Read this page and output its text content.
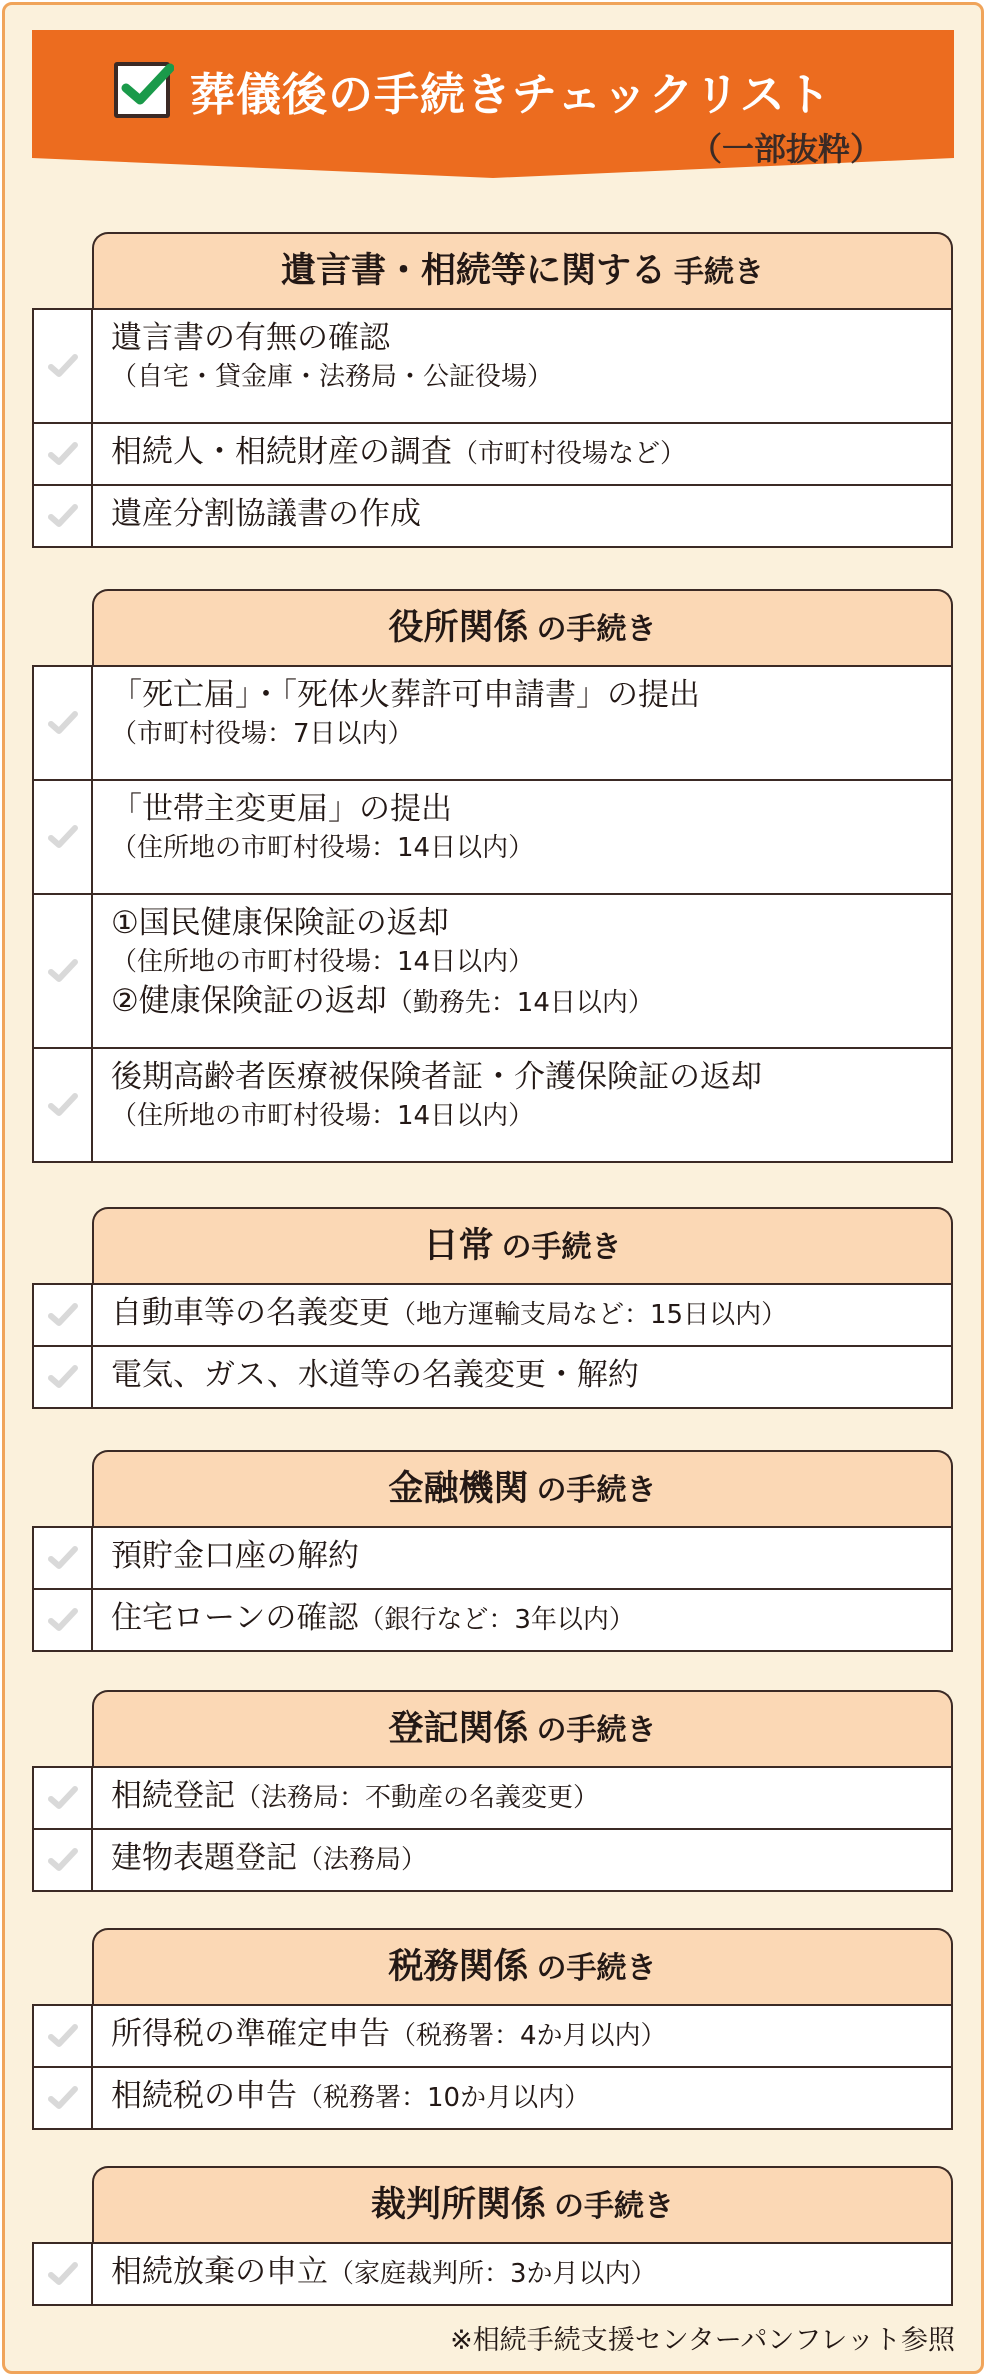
葬儀後の手続きチェックリスト
（一部抜粋）
遺言書・相続等に関する 手続き
遺言書の有無の確認
（自宅・貸金庫・法務局・公証役場）
相続人・相続財産の調査（市町村役場など）
遺産分割協議書の作成
役所関係 の手続き
「死亡届」・「死体火葬許可申請書」の提出
（市町村役場：7日以内）
「世帯主変更届」の提出
（住所地の市町村役場：14日以内）
①国民健康保険証の返却
（住所地の市町村役場：14日以内）
②健康保険証の返却（勤務先：14日以内）
後期高齢者医療被保険者証・介護保険証の返却
（住所地の市町村役場：14日以内）
日常 の手続き
自動車等の名義変更（地方運輸支局など：15日以内）
電気、ガス、水道等の名義変更・解約
金融機関 の手続き
預貯金口座の解約
住宅ローンの確認（銀行など：3年以内）
登記関係 の手続き
相続登記（法務局：不動産の名義変更）
建物表題登記（法務局）
税務関係 の手続き
所得税の準確定申告（税務署：4か月以内）
相続税の申告（税務署：10か月以内）
裁判所関係 の手続き
相続放棄の申立（家庭裁判所：3か月以内）
※相続手続支援センターパンフレット参照
